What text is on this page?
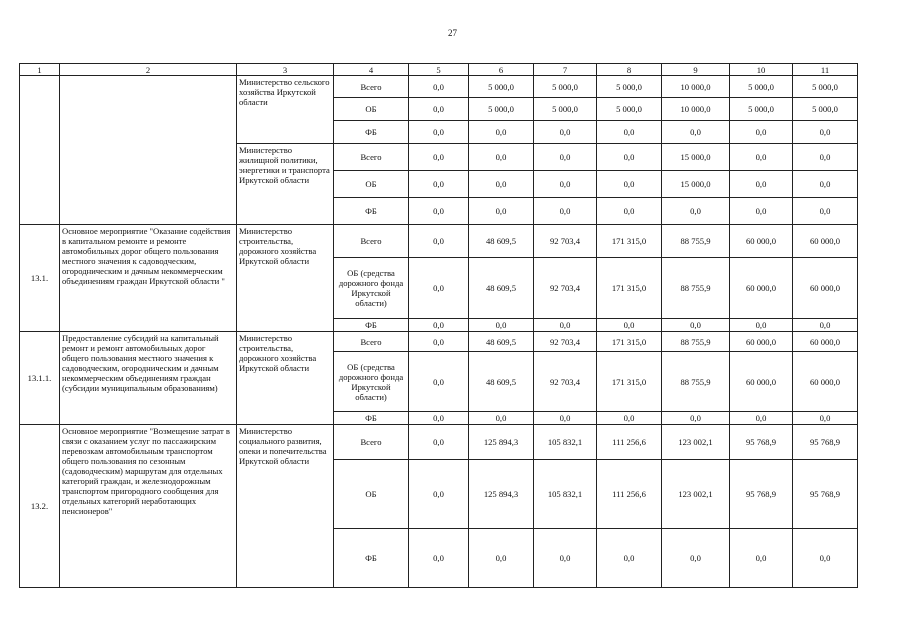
27
1	2	3	4	5	6	7	8	9	10	11
		Министерство сельского хозяйства Иркутской области	Всего	0,0	5 000,0	5 000,0	5 000,0	10 000,0	5 000,0	5 000,0
			ОБ	0,0	5 000,0	5 000,0	5 000,0	10 000,0	5 000,0	5 000,0
			ФБ	0,0	0,0	0,0	0,0	0,0	0,0	0,0
		Министерство жилищной политики, энергетики и транспорта Иркутской области	Всего	0,0	0,0	0,0	0,0	15 000,0	0,0	0,0
			ОБ	0,0	0,0	0,0	0,0	15 000,0	0,0	0,0
			ФБ	0,0	0,0	0,0	0,0	0,0	0,0	0,0
13.1.	Основное мероприятие "Оказание содействия в капитальном ремонте и ремонте автомобильных дорог общего пользования местного значения к садоводческим, огородническим и дачным некоммерческим объединениям граждан Иркутской области "	Министерство строительства, дорожного хозяйства Иркутской области	Всего	0,0	48 609,5	92 703,4	171 315,0	88 755,9	60 000,0	60 000,0
			ОБ (средства дорожного фонда Иркутской области)	0,0	48 609,5	92 703,4	171 315,0	88 755,9	60 000,0	60 000,0
			ФБ	0,0	0,0	0,0	0,0	0,0	0,0	0,0
13.1.1.	Предоставление субсидий на капитальный ремонт и ремонт автомобильных дорог общего пользования местного значения к садоводческим, огородническим и дачным некоммерческим объединениям граждан (субсидии муниципальным образованиям)	Министерство строительства, дорожного хозяйства Иркутской области	Всего	0,0	48 609,5	92 703,4	171 315,0	88 755,9	60 000,0	60 000,0
			ОБ (средства дорожного фонда Иркутской области)	0,0	48 609,5	92 703,4	171 315,0	88 755,9	60 000,0	60 000,0
			ФБ	0,0	0,0	0,0	0,0	0,0	0,0	0,0
13.2.	Основное мероприятие "Возмещение затрат в связи с оказанием услуг по пассажирским перевозкам автомобильным транспортом общего пользования по сезонным (садоводческим) маршрутам для отдельных категорий граждан, и железнодорожным транспортом пригородного сообщения для отдельных категорий неработающих пенсионеров"	Министерство социального развития, опеки и попечительства Иркутской области	Всего	0,0	125 894,3	105 832,1	111 256,6	123 002,1	95 768,9	95 768,9
			ОБ	0,0	125 894,3	105 832,1	111 256,6	123 002,1	95 768,9	95 768,9
			ФБ	0,0	0,0	0,0	0,0	0,0	0,0	0,0
